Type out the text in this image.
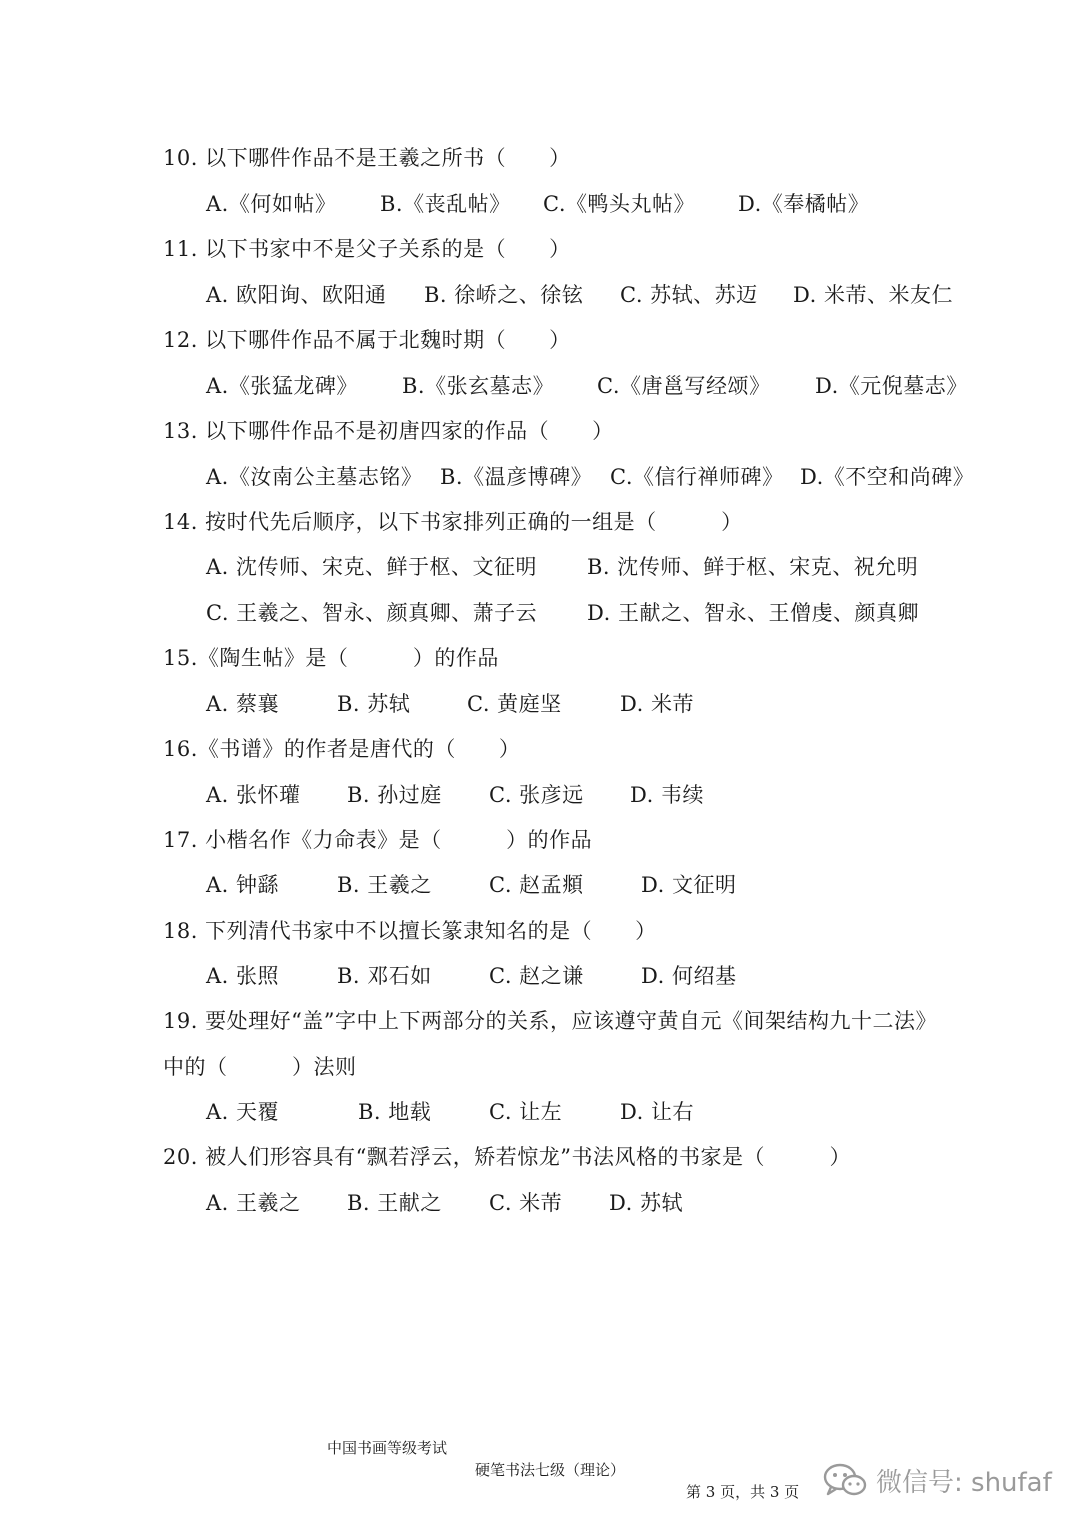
10. 以下哪件作品不是王羲之所书（　　）
A.《何如帖》 B.《丧乱帖》 C.《鸭头丸帖》 D.《奉橘帖》
11. 以下书家中不是父子关系的是（　　）
A. 欧阳询、欧阳通 B. 徐峤之、徐铉 C. 苏轼、苏迈 D. 米芾、米友仁
12. 以下哪件作品不属于北魏时期（　　）
A.《张猛龙碑》 B.《张玄墓志》 C.《唐邕写经颂》 D.《元倪墓志》
13. 以下哪件作品不是初唐四家的作品（　　）
A.《汝南公主墓志铭》 B.《温彦博碑》 C.《信行禅师碑》 D.《不空和尚碑》
14. 按时代先后顺序，以下书家排列正确的一组是（　　　）
A. 沈传师、宋克、鲜于枢、文征明 B. 沈传师、鲜于枢、宋克、祝允明
C. 王羲之、智永、颜真卿、萧子云 D. 王献之、智永、王僧虔、颜真卿
15.《陶生帖》是（　　　）的作品
A. 蔡襄	B. 苏轼	C. 黄庭坚	D. 米芾
16.《书谱》的作者是唐代的（　　）
A. 张怀瓘 B. 孙过庭 C. 张彦远 D. 韦续
17. 小楷名作《力命表》是（　　　）的作品
A. 钟繇	B. 王羲之	C. 赵孟頫	D. 文征明
18. 下列清代书家中不以擅长篆隶知名的是（　　）
A. 张照	B. 邓石如	C. 赵之谦	D. 何绍基
19. 要处理好“盖”字中上下两部分的关系，应该遵守黄自元《间架结构九十二法》
中的（　　　）法则
A. 天覆	B. 地载	C. 让左	D. 让右
20. 被人们形容具有“飘若浮云，矫若惊龙”书法风格的书家是（　　　）
A. 王羲之 B. 王献之 C. 米芾 D. 苏轼

中国书画等级考试

硬笔书法七级（理论）

第 3 页，共 3 页

	微信号: shufaf
